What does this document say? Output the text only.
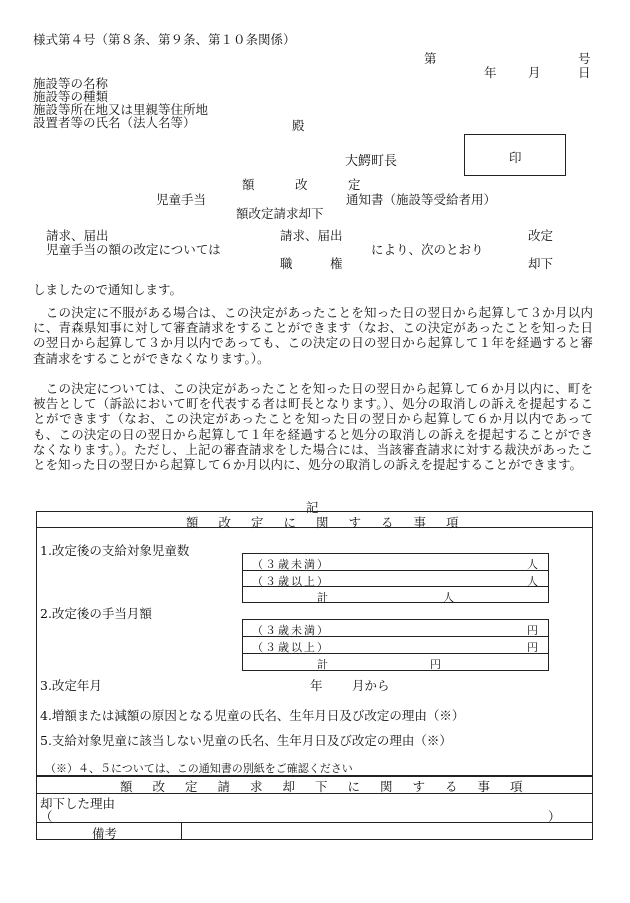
様式第４号（第８条、第９条、第１０条関係）
第	号
年	月	日
施設等の名称
施設等の種類
施設等所在地又は里親等住所地
設置者等の氏名（法人名等）	殿
大鰐町長	印
額　改　定
児童手当	通知書（施設等受給者用）
額改定請求却下
請求、届出	請求、届出	改定
児童手当の額の改定については	により、次のとおり
職　　　権	却下
しましたので通知します。
　この決定に不服がある場合は、この決定があったことを知った日の翌日から起算して３か月以内に、青森県知事に対して審査請求をすることができます（なお、この決定があったことを知った日の翌日から起算して３か月以内であっても、この決定の日の翌日から起算して１年を経過すると審査請求をすることができなくなります。）。
　この決定については、この決定があったことを知った日の翌日から起算して６か月以内に、町を被告として（訴訟において町を代表する者は町長となります。）、処分の取消しの訴えを提起することができます（なお、この決定があったことを知った日の翌日から起算して６か月以内であっても、この決定の日の翌日から起算して１年を経過すると処分の取消しの訴えを提起することができなくなります。）。ただし、上記の審査請求をした場合には、当該審査請求に対する裁決があったことを知った日の翌日から起算して６か月以内に、処分の取消しの訴えを提起することができます。
記
額改定に関する事項
1.改定後の支給対象児童数
（３歳未満）	人
（３歳以上）	人
計	人
2.改定後の手当月額
（３歳未満）	円
（３歳以上）	円
計	円
3.改定年月	年 月から
4.増額または減額の原因となる児童の氏名、生年月日及び改定の理由（※）
5.支給対象児童に該当しない児童の氏名、生年月日及び改定の理由（※）
（※）４、５については、この通知書の別紙をご確認ください
額改定請求却下に関する事項
却下した理由
（	）
備考
